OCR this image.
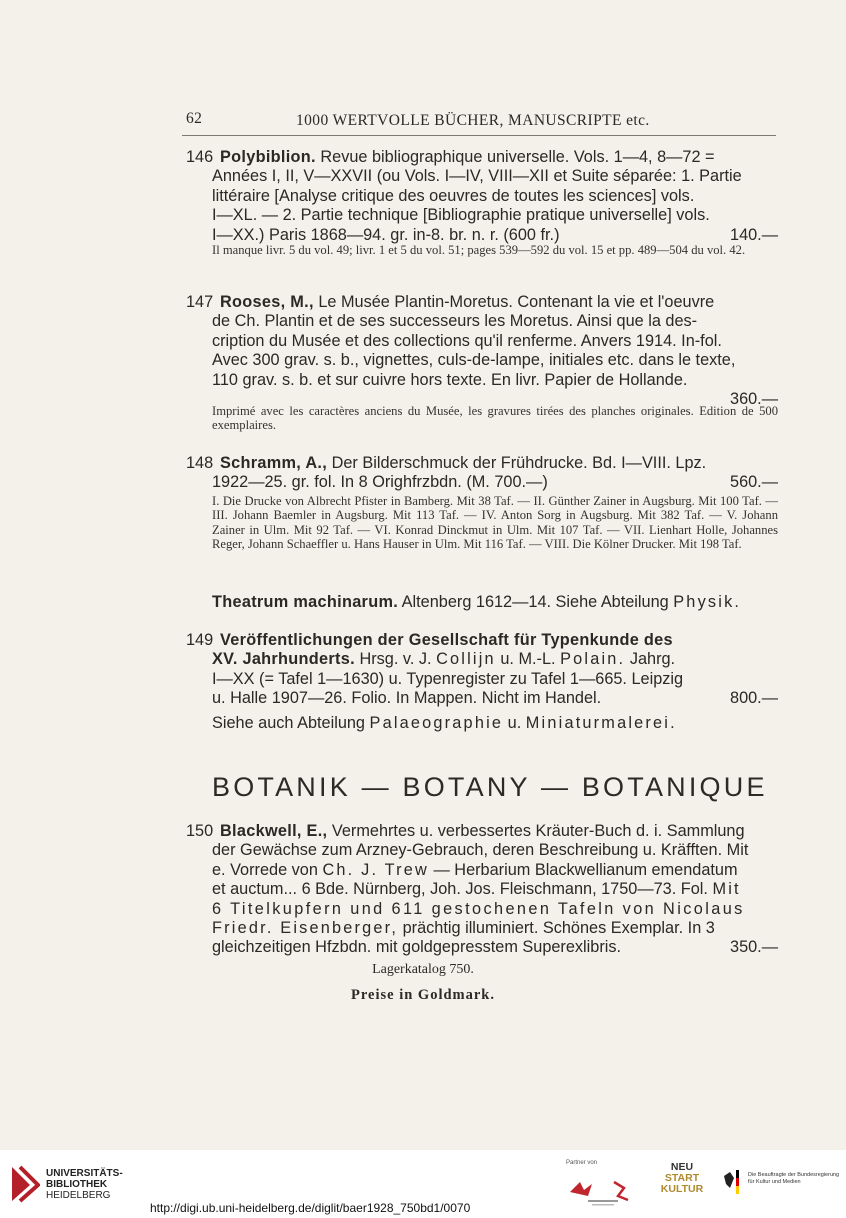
62	1000 WERTVOLLE BÜCHER, MANUSCRIPTE etc.
146 Polybiblion. Revue bibliographique universelle. Vols. 1—4, 8—72 =
Années I, II, V—XXVII (ou Vols. I—IV, VIII—XII et Suite séparée: 1. Partie
littéraire [Analyse critique des oeuvres de toutes les sciences] vols.
I—XL. — 2. Partie technique [Bibliographie pratique universelle] vols.
I—XX.) Paris 1868—94. gr. in-8. br. n. r. (600 fr.)	140.—
Il manque livr. 5 du vol. 49; livr. 1 et 5 du vol. 51; pages 539—592 du vol. 15 et pp. 489—504 du vol. 42.
147 Rooses, M., Le Musée Plantin-Moretus. Contenant la vie et l'oeuvre
de Ch. Plantin et de ses successeurs les Moretus. Ainsi que la des-
cription du Musée et des collections qu'il renferme. Anvers 1914. In-fol.
Avec 300 grav. s. b., vignettes, culs-de-lampe, initiales etc. dans le texte,
110 grav. s. b. et sur cuivre hors texte. En livr. Papier de Hollande.
360.—
Imprimé avec les caractères anciens du Musée, les gravures tirées des planches originales. Edition de 500 exemplaires.
148 Schramm, A., Der Bilderschmuck der Frühdrucke. Bd. I—VIII. Lpz.
1922—25. gr. fol. In 8 Orighfrzbdn. (M. 700.—)	560.—
I. Die Drucke von Albrecht Pfister in Bamberg. Mit 38 Taf. — II. Günther Zainer in Augsburg. Mit 100 Taf. — III. Johann Baemler in Augsburg. Mit 113 Taf. — IV. Anton Sorg in Augsburg. Mit 382 Taf. — V. Johann Zainer in Ulm. Mit 92 Taf. — VI. Konrad Dinckmut in Ulm. Mit 107 Taf. — VII. Lienhart Holle, Johannes Reger, Johann Schaeffler u. Hans Hauser in Ulm. Mit 116 Taf. — VIII. Die Kölner Drucker. Mit 198 Taf.
Theatrum machinarum. Altenberg 1612—14. Siehe Abteilung Physik.
149 Veröffentlichungen der Gesellschaft für Typenkunde des
XV. Jahrhunderts. Hrsg. v. J. Collijn u. M.-L. Polain. Jahrg.
I—XX (= Tafel 1—1630) u. Typenregister zu Tafel 1—665. Leipzig
u. Halle 1907—26. Folio. In Mappen. Nicht im Handel.	800.—
Siehe auch Abteilung Palaeographie u. Miniaturmalerei.
BOTANIK — BOTANY — BOTANIQUE
150 Blackwell, E., Vermehrtes u. verbessertes Kräuter-Buch d. i. Sammlung
der Gewächse zum Arzney-Gebrauch, deren Beschreibung u. Kräfften. Mit
e. Vorrede von Ch. J. Trew — Herbarium Blackwellianum emendatum
et auctum... 6 Bde. Nürnberg, Joh. Jos. Fleischmann, 1750—73. Fol. Mit
6 Titelkupfern und 611 gestochenen Tafeln von Nicolaus
Friedr. Eisenberger, prächtig illuminiert. Schönes Exemplar. In 3
gleichzeitigen Hfzbdn. mit goldgepresstem Superexlibris.	350.—
Lagerkatalog 750.
Preise in Goldmark.
UNIVERSITÄTS-
BIBLIOTHEK
HEIDELBERG
http://digi.ub.uni-heidelberg.de/diglit/baer1928_750bd1/0070
Partner von	NEU
START
KULTUR
Die Beauftragte der Bundesregierung
für Kultur und Medien
